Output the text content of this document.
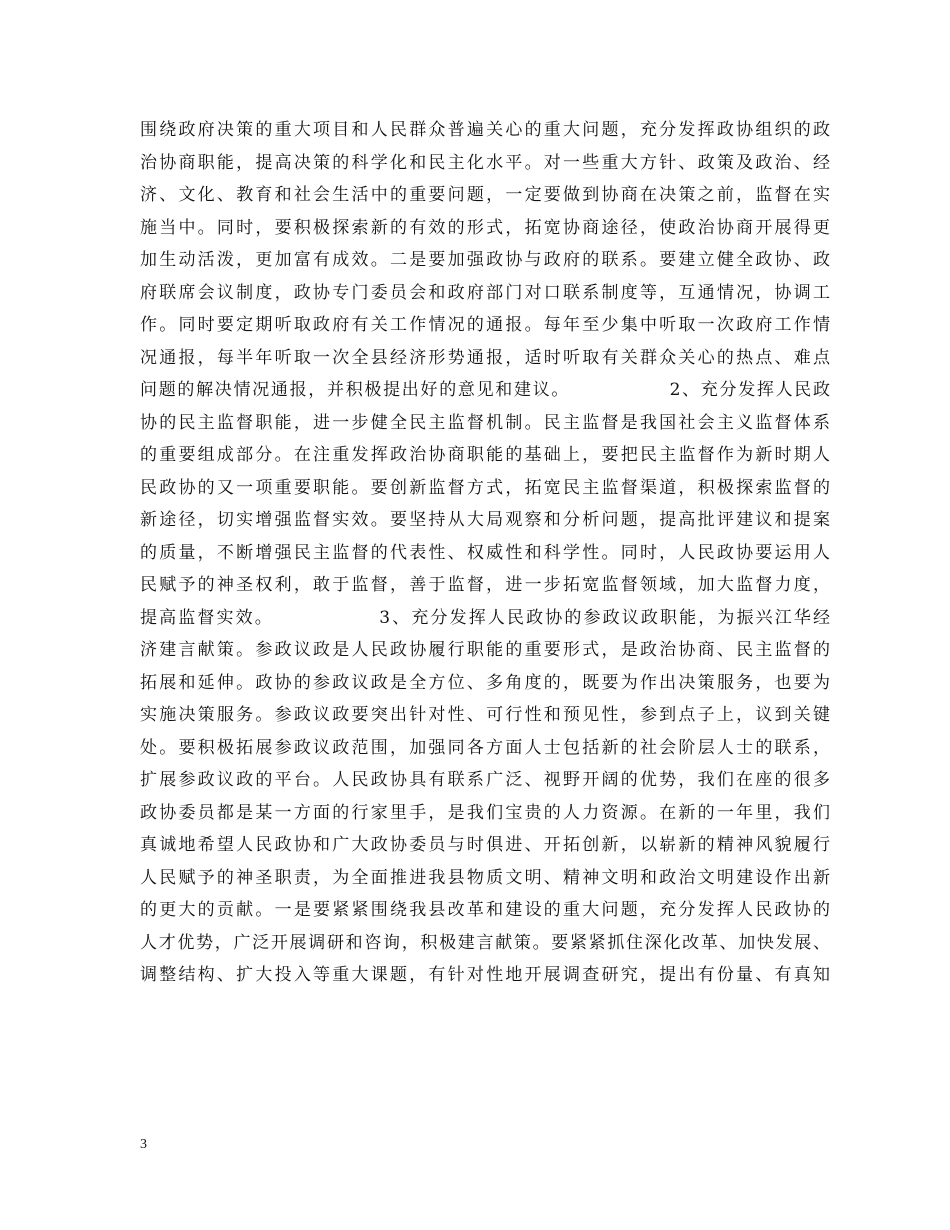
围绕政府决策的重大项目和人民群众普遍关心的重大问题，充分发挥政协组织的政
治协商职能，提高决策的科学化和民主化水平。对一些重大方针、政策及政治、经
济、文化、教育和社会生活中的重要问题，一定要做到协商在决策之前，监督在实
施当中。同时，要积极探索新的有效的形式，拓宽协商途径，使政治协商开展得更
加生动活泼，更加富有成效。二是要加强政协与政府的联系。要建立健全政协、政
府联席会议制度，政协专门委员会和政府部门对口联系制度等，互通情况，协调工
作。同时要定期听取政府有关工作情况的通报。每年至少集中听取一次政府工作情
况通报，每半年听取一次全县经济形势通报，适时听取有关群众关心的热点、难点
问题的解决情况通报，并积极提出好的意见和建议。              2、充分发挥人民政
协的民主监督职能，进一步健全民主监督机制。民主监督是我国社会主义监督体系
的重要组成部分。在注重发挥政治协商职能的基础上，要把民主监督作为新时期人
民政协的又一项重要职能。要创新监督方式，拓宽民主监督渠道，积极探索监督的
新途径，切实增强监督实效。要坚持从大局观察和分析问题，提高批评建议和提案
的质量，不断增强民主监督的代表性、权威性和科学性。同时，人民政协要运用人
民赋予的神圣权利，敢于监督，善于监督，进一步拓宽监督领域，加大监督力度，
提高监督实效。              3、充分发挥人民政协的参政议政职能，为振兴江华经
济建言献策。参政议政是人民政协履行职能的重要形式，是政治协商、民主监督的
拓展和延伸。政协的参政议政是全方位、多角度的，既要为作出决策服务，也要为
实施决策服务。参政议政要突出针对性、可行性和预见性，参到点子上，议到关键
处。要积极拓展参政议政范围，加强同各方面人士包括新的社会阶层人士的联系，
扩展参政议政的平台。人民政协具有联系广泛、视野开阔的优势，我们在座的很多
政协委员都是某一方面的行家里手，是我们宝贵的人力资源。在新的一年里，我们
真诚地希望人民政协和广大政协委员与时俱进、开拓创新，以崭新的精神风貌履行
人民赋予的神圣职责，为全面推进我县物质文明、精神文明和政治文明建设作出新
的更大的贡献。一是要紧紧围绕我县改革和建设的重大问题，充分发挥人民政协的
人才优势，广泛开展调研和咨询，积极建言献策。要紧紧抓住深化改革、加快发展、
调整结构、扩大投入等重大课题，有针对性地开展调查研究，提出有份量、有真知
3
